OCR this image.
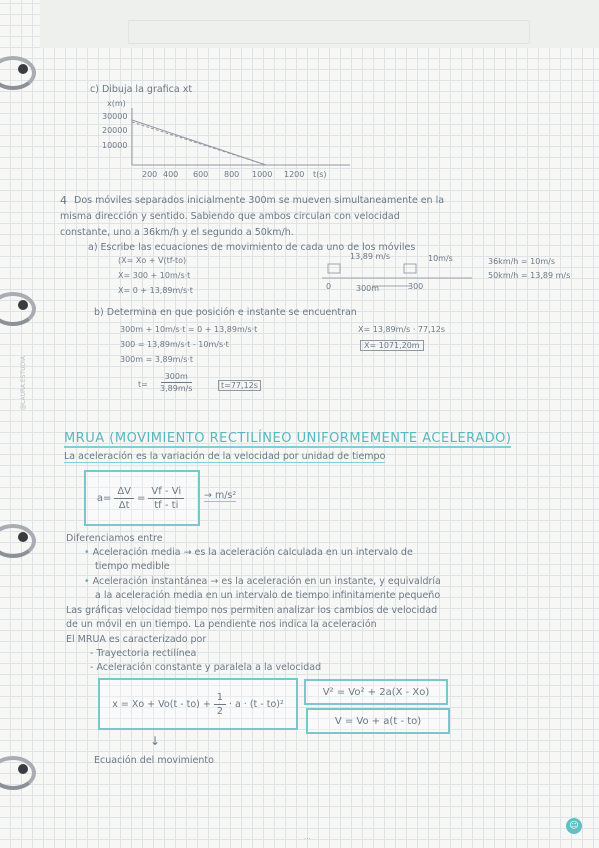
@LAURA.ESTUDIA
c) Dibuja la grafica xt
x(m)
30000
20000
10000
200 400 600 800 1000 1200 t(s)
4 Dos móviles separados inicialmente 300m se mueven simultaneamente en la
misma dirección y sentido. Sabiendo que ambos circulan con velocidad
constante, uno a 36km/h y el segundo a 50km/h.
a) Escribe las ecuaciones de movimiento de cada uno de los móviles
(X= Xo + V(tf-to)
X= 300 + 10m/s·t
X= 0 + 13,89m/s·t
13,89 m/s	10m/s
0	300m	300
36km/h = 10m/s
50km/h = 13,89 m/s
b) Determina en que posición e instante se encuentran
300m + 10m/s·t = 0 + 13,89m/s·t
300 = 13,89m/s·t - 10m/s·t
300m = 3,89m/s·t
$t= \frac{300m}{3,89m/s}$	t=77,12s
X= 13,89m/s · 77,12s
X= 1071,20m
MRUA (MOVIMIENTO RECTILÍNEO UNIFORMEMENTE ACELERADO)
La aceleración es la variación de la velocidad por unidad de tiempo
$a= \frac{\Delta V}{\Delta t} = \frac{Vf - Vi}{tf - ti} \to m/s^2$
Diferenciamos entre
• Aceleración media → es la aceleración calculada en un intervalo de
tiempo medible
• Aceleración instantánea → es la aceleración en un instante, y equivaldría
a la aceleración media en un intervalo de tiempo infinitamente pequeño
Las gráficas velocidad tiempo nos permiten analizar los cambios de velocidad
de un móvil en un tiempo. La pendiente nos indica la aceleración
El MRUA es caracterizado por
- Trayectoria rectilínea
- Aceleración constante y paralela a la velocidad
$x = Xo + Vo(t - to) + \frac{1}{2} \cdot a \cdot (t - to)^2$
V² = Vo² + 2a(X - Xo)
V = Vo + a(t - to)
↓
Ecuación del movimiento
...
☺
